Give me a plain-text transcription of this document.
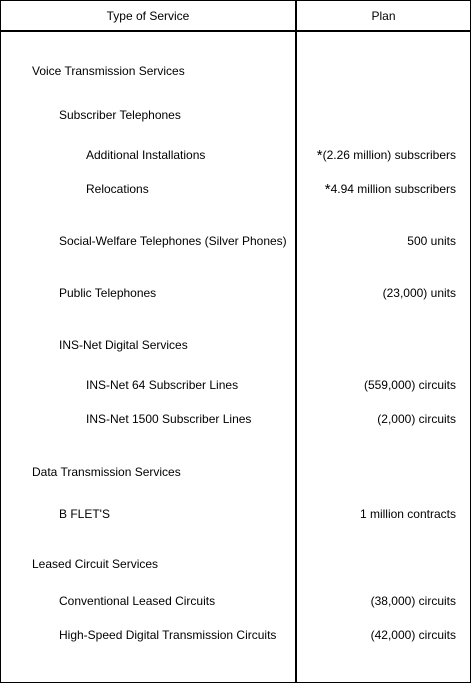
Type of Service	Plan
Voice Transmission Services
Subscriber Telephones
Additional Installations	*(2.26 million) subscribers
Relocations	*4.94 million subscribers
Social-Welfare Telephones (Silver Phones)	500 units
Public Telephones	(23,000) units
INS-Net Digital Services
INS-Net 64 Subscriber Lines	(559,000) circuits
INS-Net 1500 Subscriber Lines	(2,000) circuits
Data Transmission Services
B FLET'S	1 million contracts
Leased Circuit Services
Conventional Leased Circuits	(38,000) circuits
High-Speed Digital Transmission Circuits	(42,000) circuits
